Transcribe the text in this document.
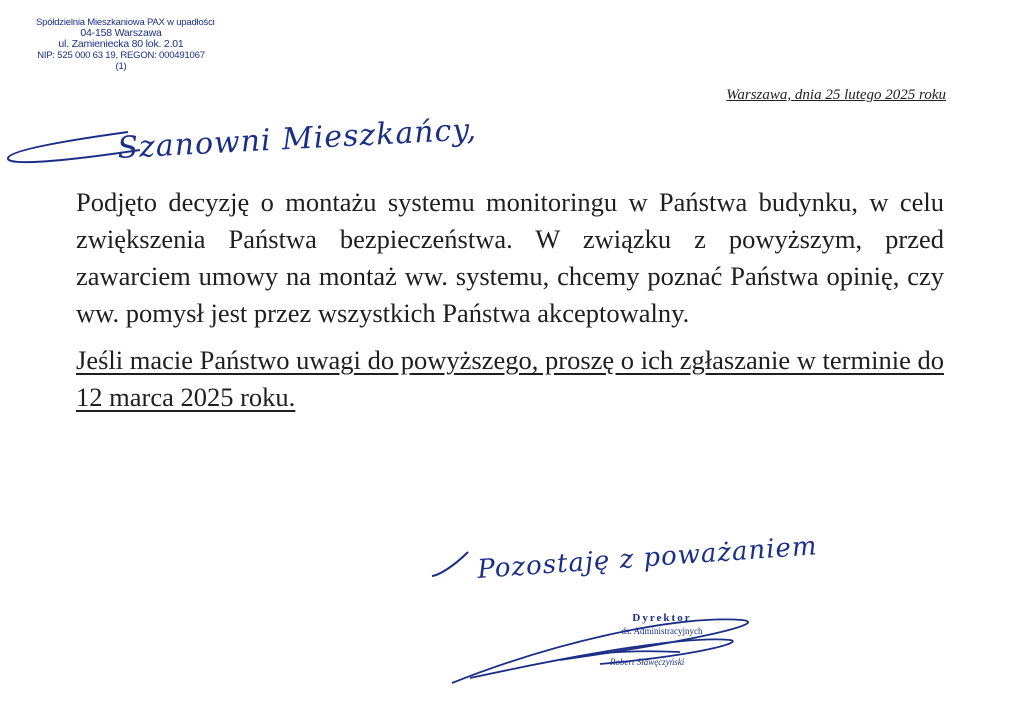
Spółdzielnia Mieszkaniowa PAX w upadłości
04-158 Warszawa
ul. Zamieniecka 80 lok. 2.01
NIP: 525 000 63 19, REGON: 000491067
(1)
Warszawa, dnia 25 lutego 2025 roku
Szanowni Mieszkańcy,
Pozostaję z poważaniem

Podjęto decyzję o montażu systemu monitoringu w Państwa budynku, w celu zwiększenia Państwa bezpieczeństwa. W związku z powyższym, przed zawarciem umowy na montaż ww. systemu, chcemy poznać Państwa opinię, czy ww. pomysł jest przez wszystkich Państwa akceptowalny.

Jeśli macie Państwo uwagi do powyższego, proszę o ich zgłaszanie w terminie do 12 marca 2025 roku.

Dyrektor
ds. Administracyjnych
Robert Sławęczyński
